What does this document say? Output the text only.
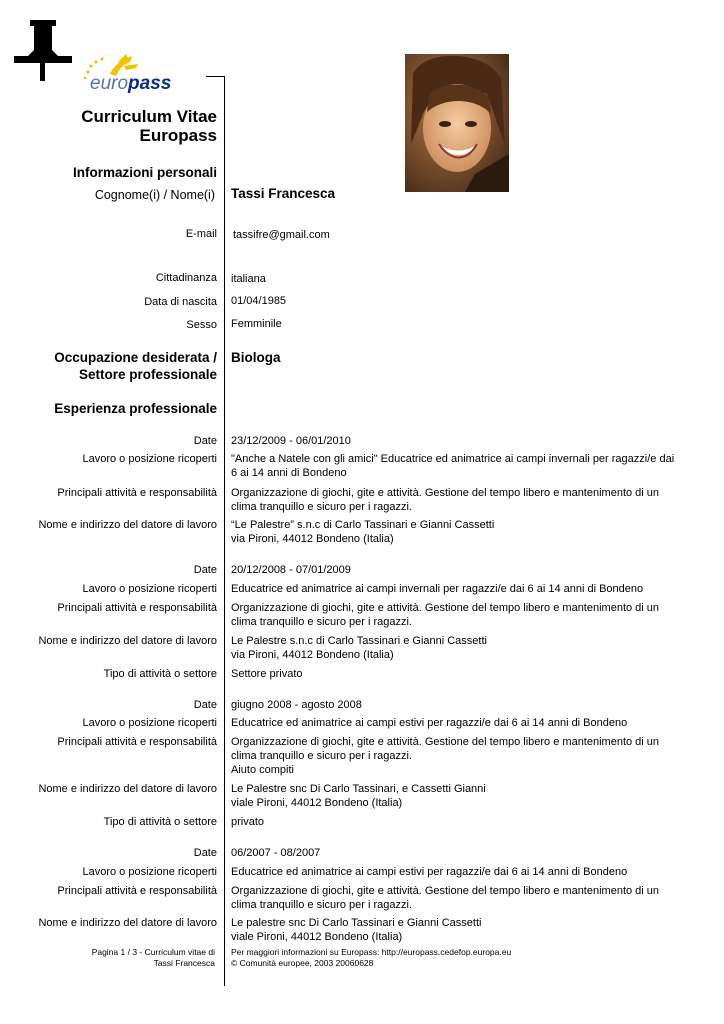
europass
Curriculum Vitae
Europass
Informazioni personali
Cognome(i) / Nome(i) Tassi Francesca
E-mail tassifre@gmail.com
Cittadinanza italiana
Data di nascita 01/04/1985
Sesso Femminile
Occupazione desiderata /
Settore professionale
Biologa
Esperienza professionale
Date 23/12/2009 - 06/01/2010
Lavoro o posizione ricoperti "Anche a Natele con gli amici" Educatrice ed animatrice ai campi invernali per ragazzi/e dai 6 ai 14 anni di Bondeno
Principali attività e responsabilità Organizzazione di giochi, gite e attività. Gestione del tempo libero e mantenimento di un clima tranquillo e sicuro per i ragazzi.
Nome e indirizzo del datore di lavoro “Le Palestre” s.n.c di Carlo Tassinari e Gianni Cassetti
via Pironi, 44012 Bondeno (Italia)
Date 20/12/2008 - 07/01/2009
Lavoro o posizione ricoperti Educatrice ed animatrice ai campi invernali per ragazzi/e dai 6 ai 14 anni di Bondeno
Principali attività e responsabilità Organizzazione di giochi, gite e attività. Gestione del tempo libero e mantenimento di un clima tranquillo e sicuro per i ragazzi.
Nome e indirizzo del datore di lavoro Le Palestre s.n.c di Carlo Tassinari e Gianni Cassetti
via Pironi, 44012 Bondeno (Italia)
Tipo di attività o settore Settore privato
Date giugno 2008 - agosto 2008
Lavoro o posizione ricoperti Educatrice ed animatrice ai campi estivi per ragazzi/e dai 6 ai 14 anni di Bondeno
Principali attività e responsabilità Organizzazione di giochi, gite e attività. Gestione del tempo libero e mantenimento di un clima tranquillo e sicuro per i ragazzi.
Aiuto compiti
Nome e indirizzo del datore di lavoro Le Palestre snc Di Carlo Tassinari, e Cassetti Gianni
viale Pironi, 44012 Bondeno (Italia)
Tipo di attività o settore privato
Date 06/2007 - 08/2007
Lavoro o posizione ricoperti Educatrice ed animatrice ai campi estivi per ragazzi/e dai 6 ai 14 anni di Bondeno
Principali attività e responsabilità Organizzazione di giochi, gite e attività. Gestione del tempo libero e mantenimento di un clima tranquillo e sicuro per i ragazzi.
Nome e indirizzo del datore di lavoro Le palestre snc Di Carlo Tassinari e Gianni Cassetti
viale Pironi, 44012 Bondeno (Italia)
Pagina 1 / 3 - Curriculum vitae di
Tassi Francesca
Per maggiori informazioni su Europass: http://europass.cedefop.europa.eu
© Comunità europee, 2003 20060628
